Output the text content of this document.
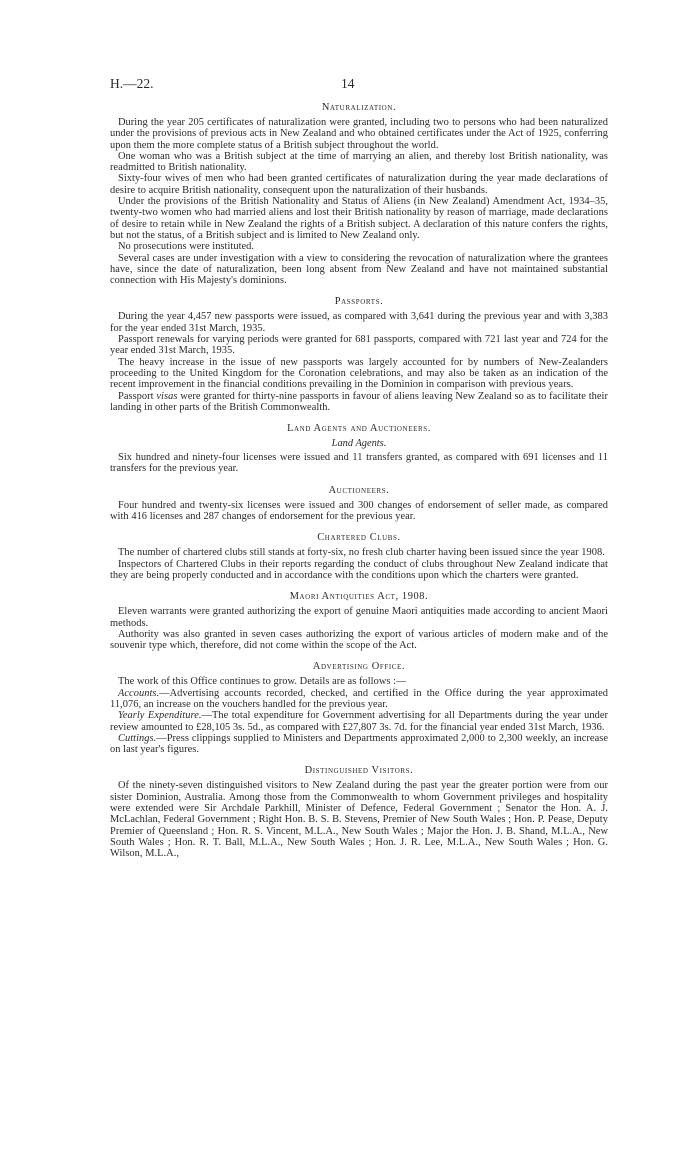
H.—22.	14
Naturalization.

During the year 205 certificates of naturalization were granted, including two to persons who had been naturalized under the provisions of previous acts in New Zealand and who obtained certificates under the Act of 1925, conferring upon them the more complete status of a British subject throughout the world.

One woman who was a British subject at the time of marrying an alien, and thereby lost British nationality, was readmitted to British nationality.

Sixty-four wives of men who had been granted certificates of naturalization during the year made declarations of desire to acquire British nationality, consequent upon the naturalization of their husbands.

Under the provisions of the British Nationality and Status of Aliens (in New Zealand) Amendment Act, 1934–35, twenty-two women who had married aliens and lost their British nationality by reason of marriage, made declarations of desire to retain while in New Zealand the rights of a British subject. A declaration of this nature confers the rights, but not the status, of a British subject and is limited to New Zealand only.

No prosecutions were instituted.

Several cases are under investigation with a view to considering the revocation of naturalization where the grantees have, since the date of naturalization, been long absent from New Zealand and have not maintained substantial connection with His Majesty's dominions.

Passports.

During the year 4,457 new passports were issued, as compared with 3,641 during the previous year and with 3,383 for the year ended 31st March, 1935.

Passport renewals for varying periods were granted for 681 passports, compared with 721 last year and 724 for the year ended 31st March, 1935.

The heavy increase in the issue of new passports was largely accounted for by numbers of New-Zealanders proceeding to the United Kingdom for the Coronation celebrations, and may also be taken as an indication of the recent improvement in the financial conditions prevailing in the Dominion in comparison with previous years.

Passport visas were granted for thirty-nine passports in favour of aliens leaving New Zealand so as to facilitate their landing in other parts of the British Commonwealth.

Land Agents and Auctioneers.
Land Agents.

Six hundred and ninety-four licenses were issued and 11 transfers granted, as compared with 691 licenses and 11 transfers for the previous year.

Auctioneers.

Four hundred and twenty-six licenses were issued and 300 changes of endorsement of seller made, as compared with 416 licenses and 287 changes of endorsement for the previous year.

Chartered Clubs.

The number of chartered clubs still stands at forty-six, no fresh club charter having been issued since the year 1908.

Inspectors of Chartered Clubs in their reports regarding the conduct of clubs throughout New Zealand indicate that they are being properly conducted and in accordance with the conditions upon which the charters were granted.

Maori Antiquities Act, 1908.

Eleven warrants were granted authorizing the export of genuine Maori antiquities made according to ancient Maori methods.

Authority was also granted in seven cases authorizing the export of various articles of modern make and of the souvenir type which, therefore, did not come within the scope of the Act.

Advertising Office.

The work of this Office continues to grow. Details are as follows :—

Accounts.—Advertising accounts recorded, checked, and certified in the Office during the year approximated 11,076, an increase on the vouchers handled for the previous year.

Yearly Expenditure.—The total expenditure for Government advertising for all Departments during the year under review amounted to £28,105 3s. 5d., as compared with £27,807 3s. 7d. for the financial year ended 31st March, 1936.

Cuttings.—Press clippings supplied to Ministers and Departments approximated 2,000 to 2,300 weekly, an increase on last year's figures.

Distinguished Visitors.

Of the ninety-seven distinguished visitors to New Zealand during the past year the greater portion were from our sister Dominion, Australia. Among those from the Commonwealth to whom Government privileges and hospitality were extended were Sir Archdale Parkhill, Minister of Defence, Federal Government ; Senator the Hon. A. J. McLachlan, Federal Government ; Right Hon. B. S. B. Stevens, Premier of New South Wales ; Hon. P. Pease, Deputy Premier of Queensland ; Hon. R. S. Vincent, M.L.A., New South Wales ; Major the Hon. J. B. Shand, M.L.A., New South Wales ; Hon. R. T. Ball, M.L.A., New South Wales ; Hon. J. R. Lee, M.L.A., New South Wales ; Hon. G. Wilson, M.L.A.,
